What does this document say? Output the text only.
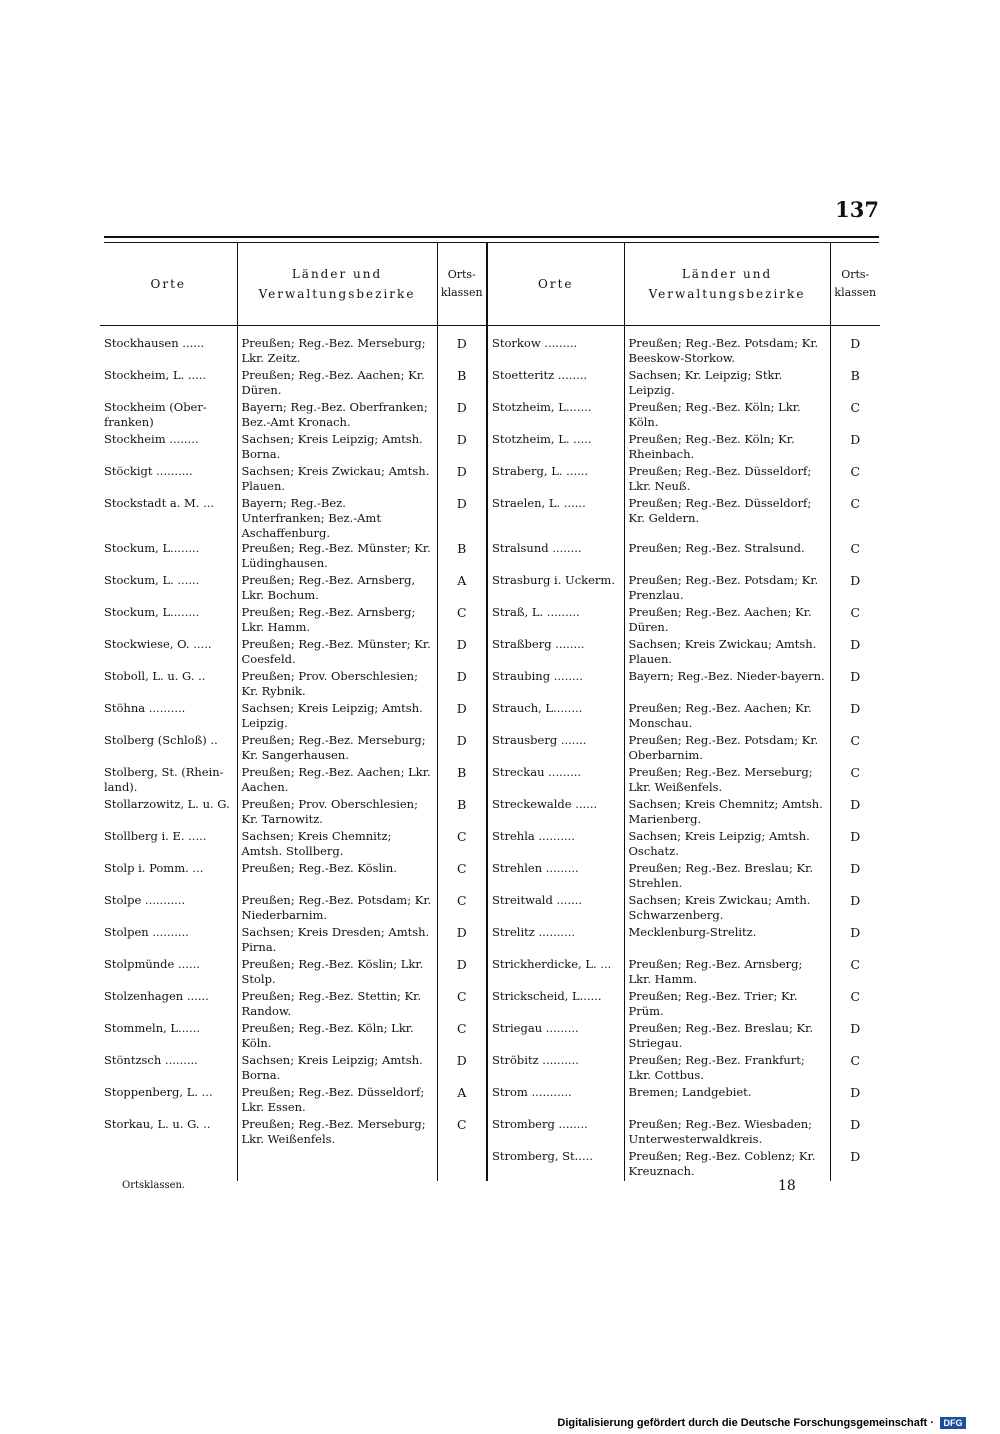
137
Orte	Länder und Verwaltungsbezirke	Orts-klassen	Orte	Länder und Verwaltungsbezirke	Orts-klassen

Stockhausen ......	Preußen; Reg.-Bez. Merseburg; Lkr. Zeitz.	D	Storkow .........	Preußen; Reg.-Bez. Potsdam; Kr. Beeskow-Storkow.	D
Stockheim, L. .....	Preußen; Reg.-Bez. Aachen; Kr. Düren.	B	Stoetteritz ........	Sachsen; Kr. Leipzig; Stkr. Leipzig.	B
Stockheim (Ober-franken)	Bayern; Reg.-Bez. Oberfranken; Bez.-Amt Kronach.	D	Stotzheim, L.......	Preußen; Reg.-Bez. Köln; Lkr. Köln.	C
Stockheim ........	Sachsen; Kreis Leipzig; Amtsh. Borna.	D	Stotzheim, L. .....	Preußen; Reg.-Bez. Köln; Kr. Rheinbach.	D
Stöckigt ..........	Sachsen; Kreis Zwickau; Amtsh. Plauen.	D	Straberg, L. ......	Preußen; Reg.-Bez. Düsseldorf; Lkr. Neuß.	C
Stockstadt a. M. ...	Bayern; Reg.-Bez. Unterfranken; Bez.-Amt Aschaffenburg.	D	Straelen, L. ......	Preußen; Reg.-Bez. Düsseldorf; Kr. Geldern.	C
Stockum, L........	Preußen; Reg.-Bez. Münster; Kr. Lüdinghausen.	B	Stralsund ........	Preußen; Reg.-Bez. Stralsund.	C
Stockum, L. ......	Preußen; Reg.-Bez. Arnsberg, Lkr. Bochum.	A	Strasburg i. Uckerm.	Preußen; Reg.-Bez. Potsdam; Kr. Prenzlau.	D
Stockum, L........	Preußen; Reg.-Bez. Arnsberg; Lkr. Hamm.	C	Straß, L. .........	Preußen; Reg.-Bez. Aachen; Kr. Düren.	C
Stockwiese, O. .....	Preußen; Reg.-Bez. Münster; Kr. Coesfeld.	D	Straßberg ........	Sachsen; Kreis Zwickau; Amtsh. Plauen.	D
Stoboll, L. u. G. ..	Preußen; Prov. Oberschlesien; Kr. Rybnik.	D	Straubing ........	Bayern; Reg.-Bez. Nieder-bayern.	D
Stöhna ..........	Sachsen; Kreis Leipzig; Amtsh. Leipzig.	D	Strauch, L........	Preußen; Reg.-Bez. Aachen; Kr. Monschau.	D
Stolberg (Schloß) ..	Preußen; Reg.-Bez. Merseburg; Kr. Sangerhausen.	D	Strausberg .......	Preußen; Reg.-Bez. Potsdam; Kr. Oberbarnim.	C
Stolberg, St. (Rhein-land).	Preußen; Reg.-Bez. Aachen; Lkr. Aachen.	B	Streckau .........	Preußen; Reg.-Bez. Merseburg; Lkr. Weißenfels.	C
Stollarzowitz, L. u. G.	Preußen; Prov. Oberschlesien; Kr. Tarnowitz.	B	Streckewalde ......	Sachsen; Kreis Chemnitz; Amtsh. Marienberg.	D
Stollberg i. E. .....	Sachsen; Kreis Chemnitz; Amtsh. Stollberg.	C	Strehla ..........	Sachsen; Kreis Leipzig; Amtsh. Oschatz.	D
Stolp i. Pomm. ...	Preußen; Reg.-Bez. Köslin.	C	Strehlen .........	Preußen; Reg.-Bez. Breslau; Kr. Strehlen.	D
Stolpe ...........	Preußen; Reg.-Bez. Potsdam; Kr. Niederbarnim.	C	Streitwald .......	Sachsen; Kreis Zwickau; Amth. Schwarzenberg.	D
Stolpen ..........	Sachsen; Kreis Dresden; Amtsh. Pirna.	D	Strelitz ..........	Mecklenburg-Strelitz.	D
Stolpmünde ......	Preußen; Reg.-Bez. Köslin; Lkr. Stolp.	D	Strickherdicke, L. ...	Preußen; Reg.-Bez. Arnsberg; Lkr. Hamm.	C
Stolzenhagen ......	Preußen; Reg.-Bez. Stettin; Kr. Randow.	C	Strickscheid, L......	Preußen; Reg.-Bez. Trier; Kr. Prüm.	C
Stommeln, L......	Preußen; Reg.-Bez. Köln; Lkr. Köln.	C	Striegau .........	Preußen; Reg.-Bez. Breslau; Kr. Striegau.	D
Stöntzsch .........	Sachsen; Kreis Leipzig; Amtsh. Borna.	D	Ströbitz ..........	Preußen; Reg.-Bez. Frankfurt; Lkr. Cottbus.	C
Stoppenberg, L. ...	Preußen; Reg.-Bez. Düsseldorf; Lkr. Essen.	A	Strom ...........	Bremen; Landgebiet.	D
Storkau, L. u. G. ..	Preußen; Reg.-Bez. Merseburg; Lkr. Weißenfels.	C	Stromberg ........	Preußen; Reg.-Bez. Wiesbaden; Unterwesterwaldkreis.	D
			Stromberg, St.....	Preußen; Reg.-Bez. Coblenz; Kr. Kreuznach.	D
Ortsklassen.	18
Digitalisierung gefördert durch die Deutsche Forschungsgemeinschaft · DFG
